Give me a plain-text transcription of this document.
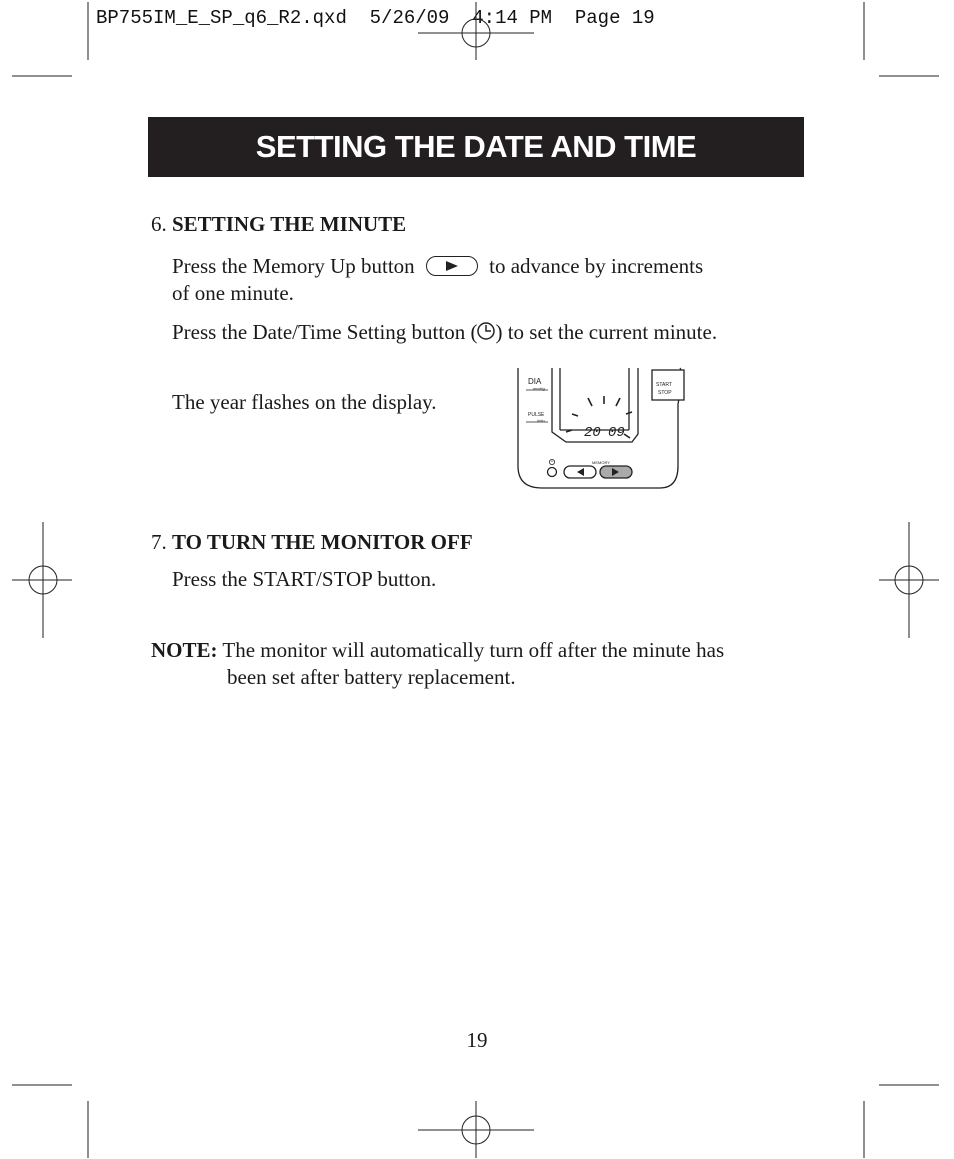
BP755IM_E_SP_q6_R2.qxd  5/26/09  4:14 PM  Page 19
SETTING THE DATE AND TIME
6. SETTING THE MINUTE
Press the Memory Up button	to advance by increments
of one minute.
Press the Date/Time Setting button ( ) to set the current minute.
The year flashes on the display.
DIA
mmHg
PULSE
/min
START
STOP
MEMORY
20 09
7. TO TURN THE MONITOR OFF
Press the START/STOP button.
NOTE: The monitor will automatically turn off after the minute has
been set after battery replacement.
19
